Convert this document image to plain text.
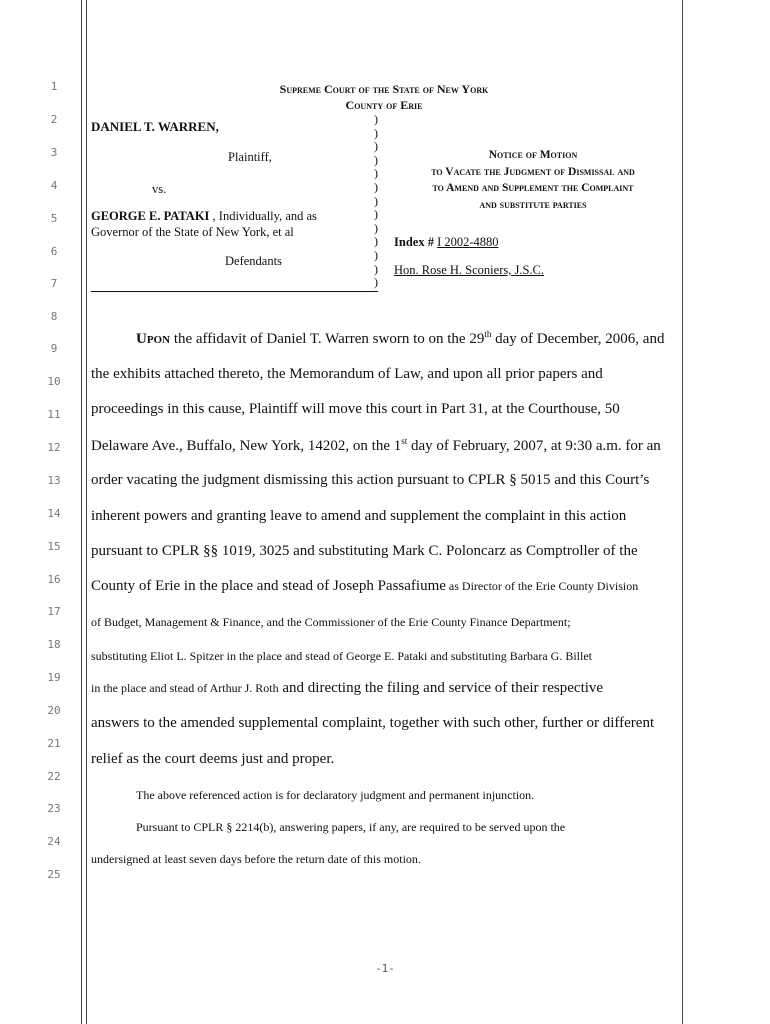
1
2
3
4
5
6
7
8
9
10
11
12
13
14
15
16
17
18
19
20
21
22
23
24
25
Supreme Court of the State of New York
County of Erie
DANIEL T. WARREN,
Plaintiff,
vs.
GEORGE E. PATAKI , Individually, and as
Governor of the State of New York, et al
Defendants
)
)
)
)
)
)
)
)
)
)
)
)
)
Notice of Motion
to Vacate the Judgment of Dismissal and
to Amend and Supplement the Complaint
and substitute parties
Index # I 2002-4880
Hon. Rose H. Sconiers, J.S.C.
Upon the affidavit of Daniel T. Warren sworn to on the 29th day of December, 2006, and
the exhibits attached thereto, the Memorandum of Law, and upon all prior papers and
proceedings in this cause, Plaintiff will move this court in Part 31, at the Courthouse, 50
Delaware Ave., Buffalo, New York, 14202, on the 1st day of February, 2007, at 9:30 a.m. for an
order vacating the judgment dismissing this action pursuant to CPLR § 5015 and this Court’s
inherent powers and granting leave to amend and supplement the complaint in this action
pursuant to CPLR §§ 1019, 3025 and substituting Mark C. Poloncarz as Comptroller of the
County of Erie in the place and stead of Joseph Passafiume as Director of the Erie County Division
of Budget, Management & Finance, and the Commissioner of the Erie County Finance Department;
substituting Eliot L. Spitzer in the place and stead of George E. Pataki and substituting Barbara G. Billet
in the place and stead of Arthur J. Roth and directing the filing and service of their respective
answers to the amended supplemental complaint, together with such other, further or different
relief as the court deems just and proper.
The above referenced action is for declaratory judgment and permanent injunction.
Pursuant to CPLR § 2214(b), answering papers, if any, are required to be served upon the
undersigned at least seven days before the return date of this motion.
-1-
